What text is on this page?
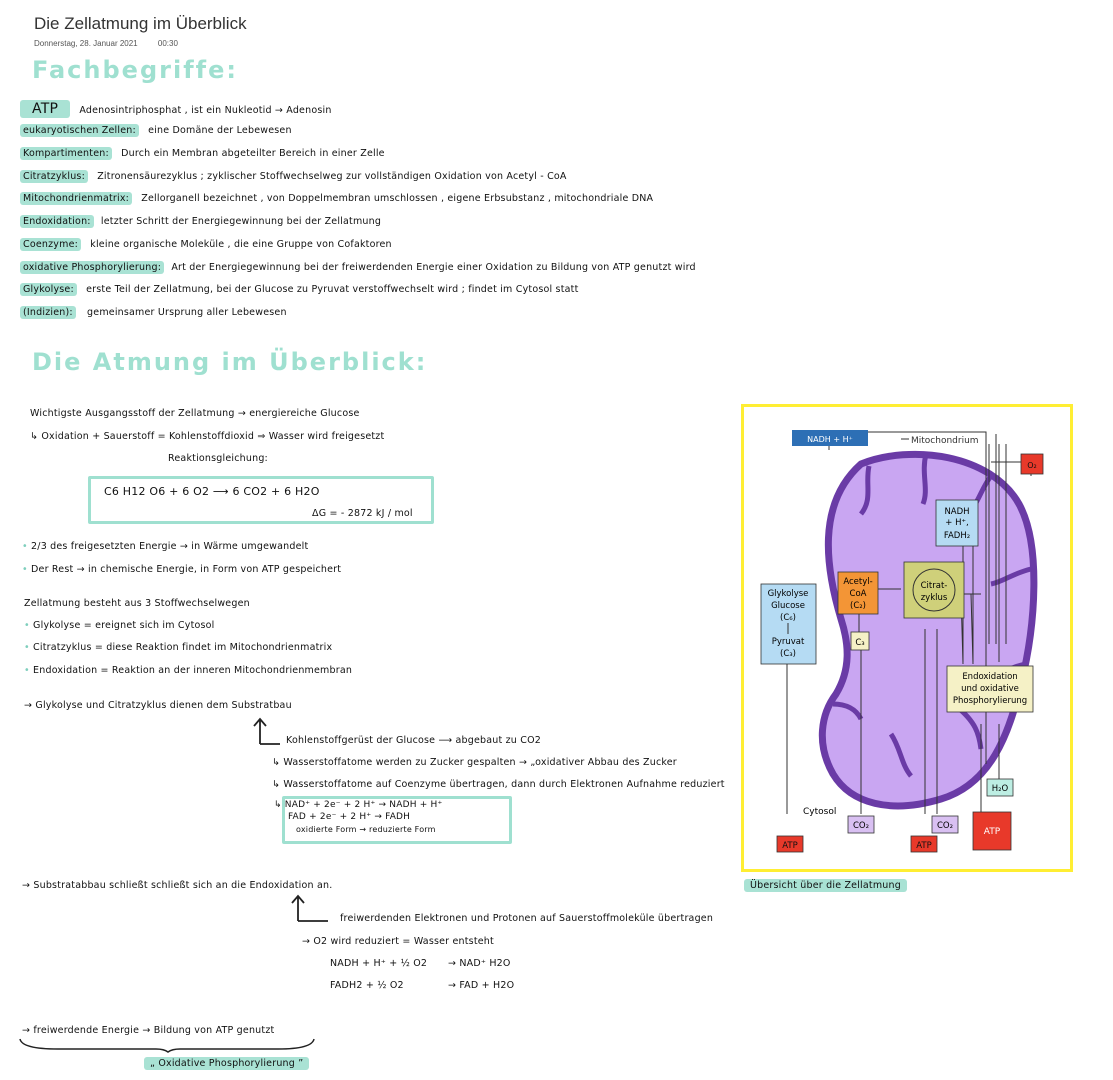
Die Zellatmung im Überblick
Donnerstag, 28. Januar 2021	00:30
Fachbegriffe:
ATP Adenosintriphosphat , ist ein Nukleotid → Adenosin
eukaryotischen Zellen: eine Domäne der Lebewesen
Kompartimenten: Durch ein Membran abgeteilter Bereich in einer Zelle
Citratzyklus: Zitronensäurezyklus ; zyklischer Stoffwechselweg zur vollständigen Oxidation von Acetyl - CoA
Mitochondrienmatrix: Zellorganell bezeichnet , von Doppelmembran umschlossen , eigene Erbsubstanz , mitochondriale DNA
Endoxidation: letzter Schritt der Energiegewinnung bei der Zellatmung
Coenzyme: kleine organische Moleküle , die eine Gruppe von Cofaktoren
oxidative Phosphorylierung: Art der Energiegewinnung bei der freiwerdenden Energie einer Oxidation zu Bildung von ATP genutzt wird
Glykolyse: erste Teil der Zellatmung, bei der Glucose zu Pyruvat verstoffwechselt wird ; findet im Cytosol statt
(Indizien): gemeinsamer Ursprung aller Lebewesen
Die Atmung im Überblick:
Wichtigste Ausgangsstoff der Zellatmung → energiereiche Glucose
↳ Oxidation + Sauerstoff = Kohlenstoffdioxid ⇒ Wasser wird freigesetzt
Reaktionsgleichung:
C6 H12 O6 + 6 O2 ⟶ 6 CO2 + 6 H2O
ΔG = - 2872 kJ / mol
• 2/3 des freigesetzten Energie → in Wärme umgewandelt
• Der Rest → in chemische Energie, in Form von ATP gespeichert
Zellatmung besteht aus 3 Stoffwechselwegen
• Glykolyse = ereignet sich im Cytosol
• Citratzyklus = diese Reaktion findet im Mitochondrienmatrix
• Endoxidation = Reaktion an der inneren Mitochondrienmembran
→ Glykolyse und Citratzyklus dienen dem Substratbau
Kohlenstoffgerüst der Glucose ⟶ abgebaut zu CO2
↳ Wasserstoffatome werden zu Zucker gespalten → „oxidativer Abbau des Zucker
↳ Wasserstoffatome auf Coenzyme übertragen, dann durch Elektronen Aufnahme reduziert
↳ NAD⁺ + 2e⁻ + 2 H⁺ → NADH + H⁺
FAD + 2e⁻ + 2 H⁺ → FADH
oxidierte Form → reduzierte Form
→ Substratabbau schließt schließt sich an die Endoxidation an.
freiwerdenden Elektronen und Protonen auf Sauerstoffmoleküle übertragen
→ O2 wird reduziert = Wasser entsteht
NADH + H⁺ + ½ O2 → NAD⁺ H2O
FADH2 + ½ O2	→ FAD + H2O
→ freiwerdende Energie → Bildung von ATP genutzt
„ Oxidative Phosphorylierung ”
NADH + H⁺	Mitochondrium
O₂
NADH
+ H⁺,
FADH₂
Glykolyse
Glucose
(C₆)
Pyruvat
(C₃)
Acetyl-
CoA
(C₂)
Citrat-
zyklus
C₃
Endoxidation
und oxidative
Phosphorylierung
H₂O
Cytosol
CO₂	CO₂
ATP	ATP
ATP
Übersicht über die Zellatmung
